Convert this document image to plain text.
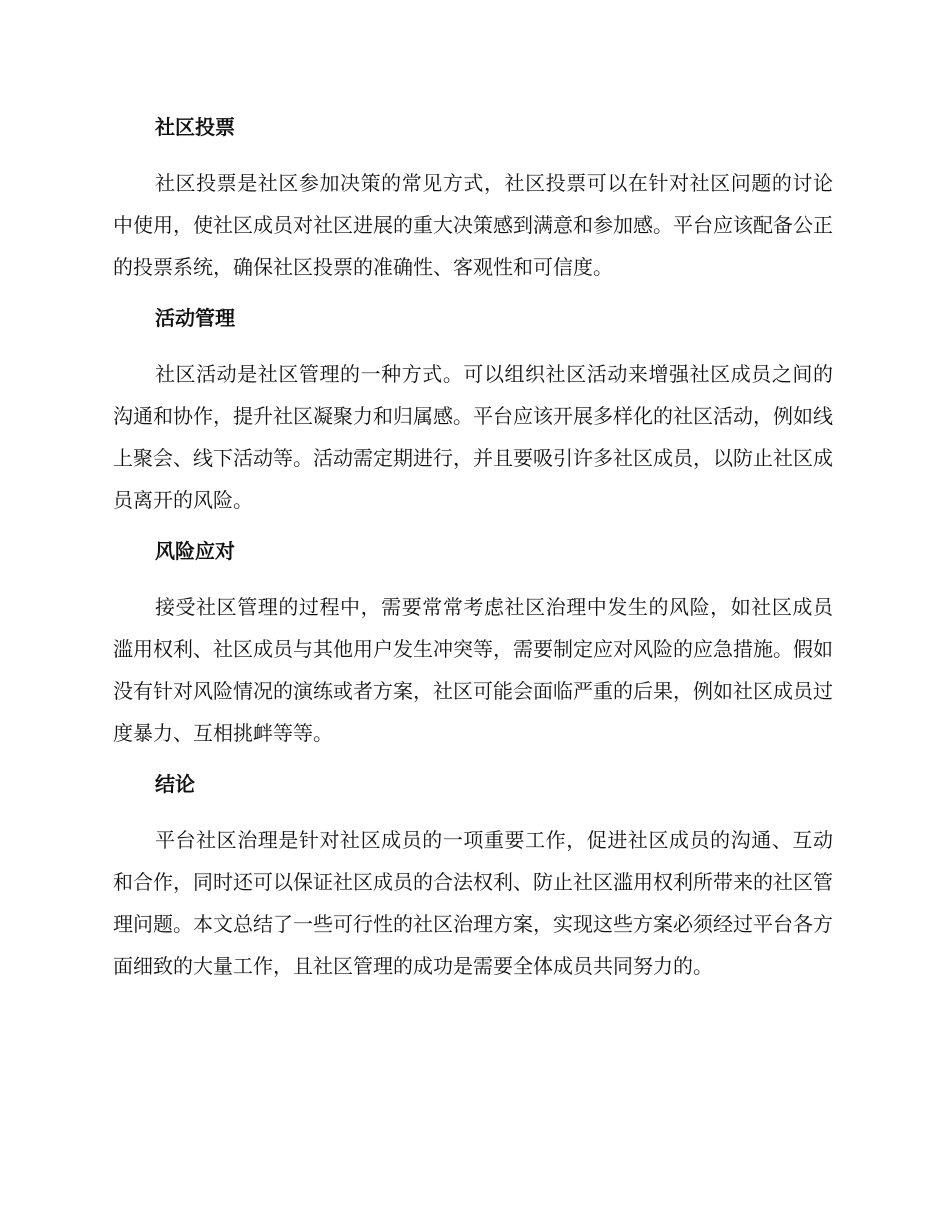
社区投票

社区投票是社区参加决策的常见方式，社区投票可以在针对社区问题的讨论中使用，使社区成员对社区进展的重大决策感到满意和参加感。平台应该配备公正的投票系统，确保社区投票的准确性、客观性和可信度。

活动管理

社区活动是社区管理的一种方式。可以组织社区活动来增强社区成员之间的沟通和协作，提升社区凝聚力和归属感。平台应该开展多样化的社区活动，例如线上聚会、线下活动等。活动需定期进行，并且要吸引许多社区成员，以防止社区成员离开的风险。

风险应对

接受社区管理的过程中，需要常常考虑社区治理中发生的风险，如社区成员滥用权利、社区成员与其他用户发生冲突等，需要制定应对风险的应急措施。假如没有针对风险情况的演练或者方案，社区可能会面临严重的后果，例如社区成员过度暴力、互相挑衅等等。

结论

平台社区治理是针对社区成员的一项重要工作，促进社区成员的沟通、互动和合作，同时还可以保证社区成员的合法权利、防止社区滥用权利所带来的社区管理问题。本文总结了一些可行性的社区治理方案，实现这些方案必须经过平台各方面细致的大量工作，且社区管理的成功是需要全体成员共同努力的。
